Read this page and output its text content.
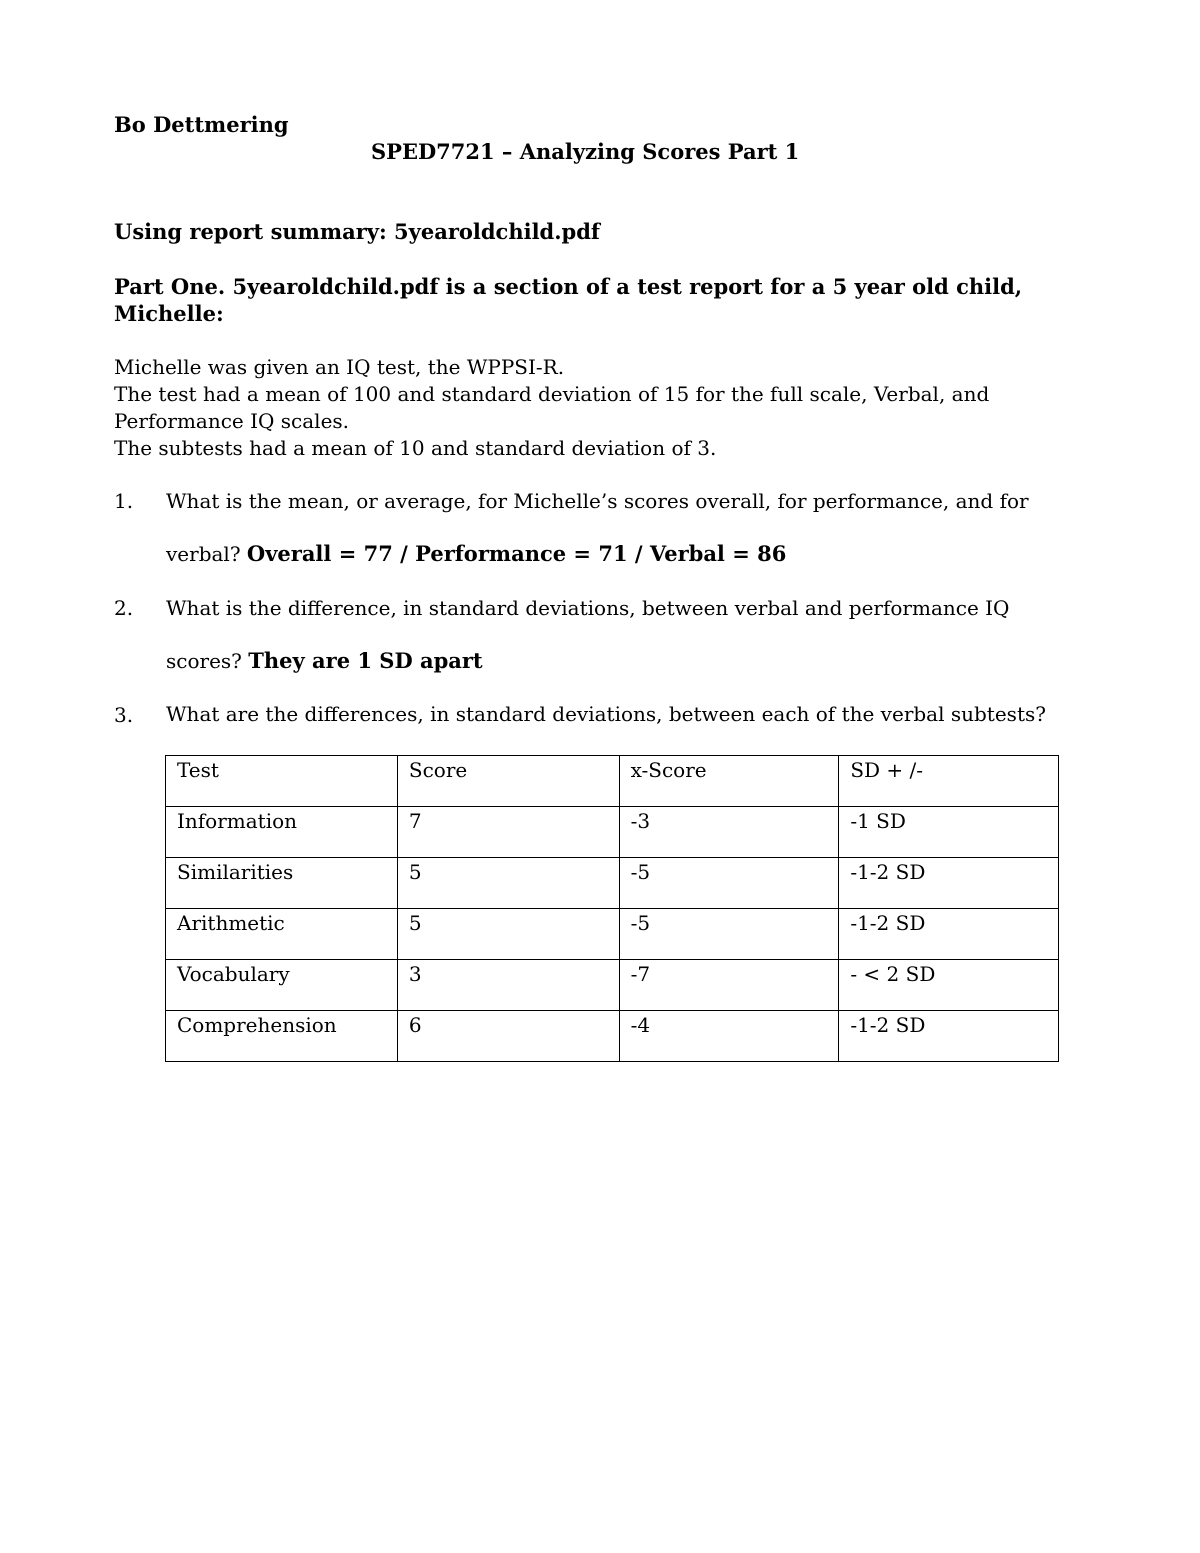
Bo Dettmering
SPED7721 – Analyzing Scores Part 1
Using report summary: 5yearoldchild.pdf
Part One. 5yearoldchild.pdf is a section of a test report for a 5 year old child,
Michelle:
Michelle was given an IQ test, the WPPSI-R.
The test had a mean of 100 and standard deviation of 15 for the full scale, Verbal, and
Performance IQ scales.
The subtests had a mean of 10 and standard deviation of 3.
1. What is the mean, or average, for Michelle’s scores overall, for performance, and for
verbal? Overall = 77 / Performance = 71 / Verbal = 86
2. What is the difference, in standard deviations, between verbal and performance IQ
scores? They are 1 SD apart
3. What are the differences, in standard deviations, between each of the verbal subtests?
Test	Score	x-Score	SD + /-
Information	7	-3	-1 SD
Similarities	5	-5	-1-2 SD
Arithmetic	5	-5	-1-2 SD
Vocabulary	3	-7	- < 2 SD
Comprehension	6	-4	-1-2 SD
